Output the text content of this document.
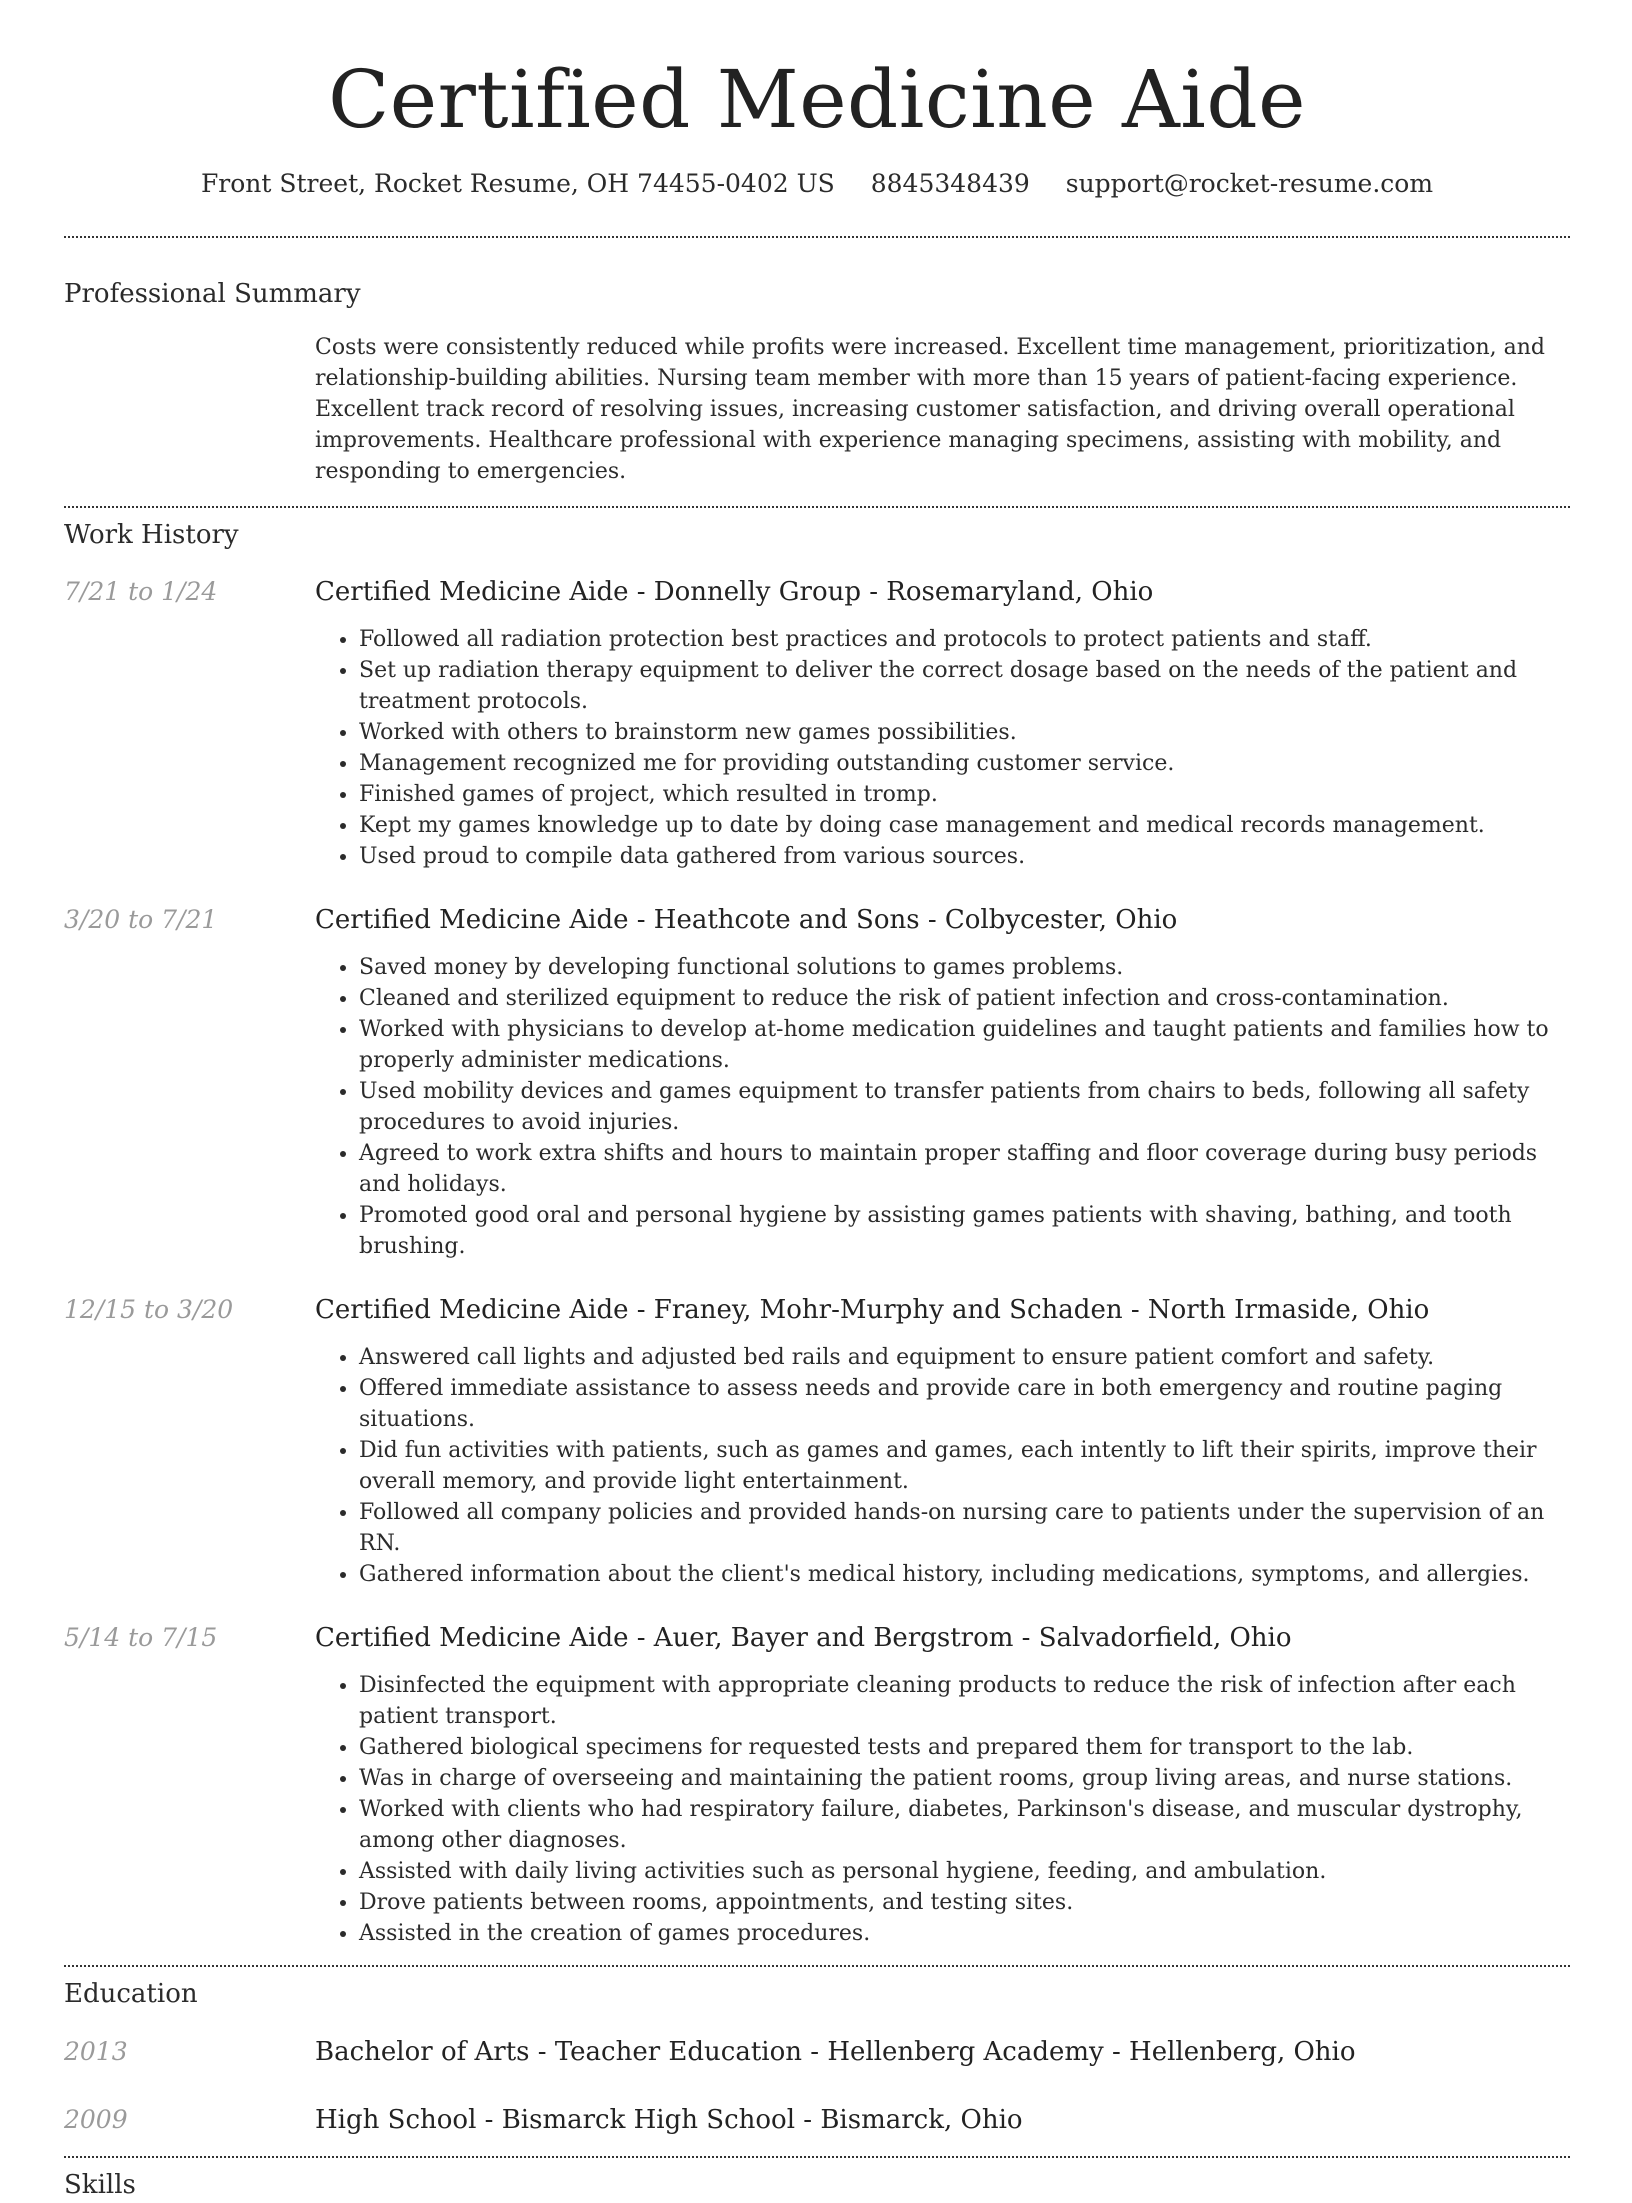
Certified Medicine Aide
Front Street, Rocket Resume, OH 74455-0402 US 8845348439 support@rocket-resume.com
Professional Summary
Costs were consistently reduced while profits were increased. Excellent time management, prioritization, and relationship-building abilities. Nursing team member with more than 15 years of patient-facing experience. Excellent track record of resolving issues, increasing customer satisfaction, and driving overall operational improvements. Healthcare professional with experience managing specimens, assisting with mobility, and responding to emergencies.
Work History
7/21 to 1/24	Certified Medicine Aide - Donnelly Group - Rosemaryland, Ohio
• Followed all radiation protection best practices and protocols to protect patients and staff.
• Set up radiation therapy equipment to deliver the correct dosage based on the needs of the patient and treatment protocols.
• Worked with others to brainstorm new games possibilities.
• Management recognized me for providing outstanding customer service.
• Finished games of project, which resulted in tromp.
• Kept my games knowledge up to date by doing case management and medical records management.
• Used proud to compile data gathered from various sources.
3/20 to 7/21	Certified Medicine Aide - Heathcote and Sons - Colbycester, Ohio
• Saved money by developing functional solutions to games problems.
• Cleaned and sterilized equipment to reduce the risk of patient infection and cross-contamination.
• Worked with physicians to develop at-home medication guidelines and taught patients and families how to properly administer medications.
• Used mobility devices and games equipment to transfer patients from chairs to beds, following all safety procedures to avoid injuries.
• Agreed to work extra shifts and hours to maintain proper staffing and floor coverage during busy periods and holidays.
• Promoted good oral and personal hygiene by assisting games patients with shaving, bathing, and tooth brushing.
12/15 to 3/20	Certified Medicine Aide - Franey, Mohr-Murphy and Schaden - North Irmaside, Ohio
• Answered call lights and adjusted bed rails and equipment to ensure patient comfort and safety.
• Offered immediate assistance to assess needs and provide care in both emergency and routine paging situations.
• Did fun activities with patients, such as games and games, each intently to lift their spirits, improve their overall memory, and provide light entertainment.
• Followed all company policies and provided hands-on nursing care to patients under the supervision of an RN.
• Gathered information about the client's medical history, including medications, symptoms, and allergies.
5/14 to 7/15	Certified Medicine Aide - Auer, Bayer and Bergstrom - Salvadorfield, Ohio
• Disinfected the equipment with appropriate cleaning products to reduce the risk of infection after each patient transport.
• Gathered biological specimens for requested tests and prepared them for transport to the lab.
• Was in charge of overseeing and maintaining the patient rooms, group living areas, and nurse stations.
• Worked with clients who had respiratory failure, diabetes, Parkinson's disease, and muscular dystrophy, among other diagnoses.
• Assisted with daily living activities such as personal hygiene, feeding, and ambulation.
• Drove patients between rooms, appointments, and testing sites.
• Assisted in the creation of games procedures.
Education
2013	Bachelor of Arts - Teacher Education - Hellenberg Academy - Hellenberg, Ohio
2009	High School - Bismarck High School - Bismarck, Ohio
Skills
